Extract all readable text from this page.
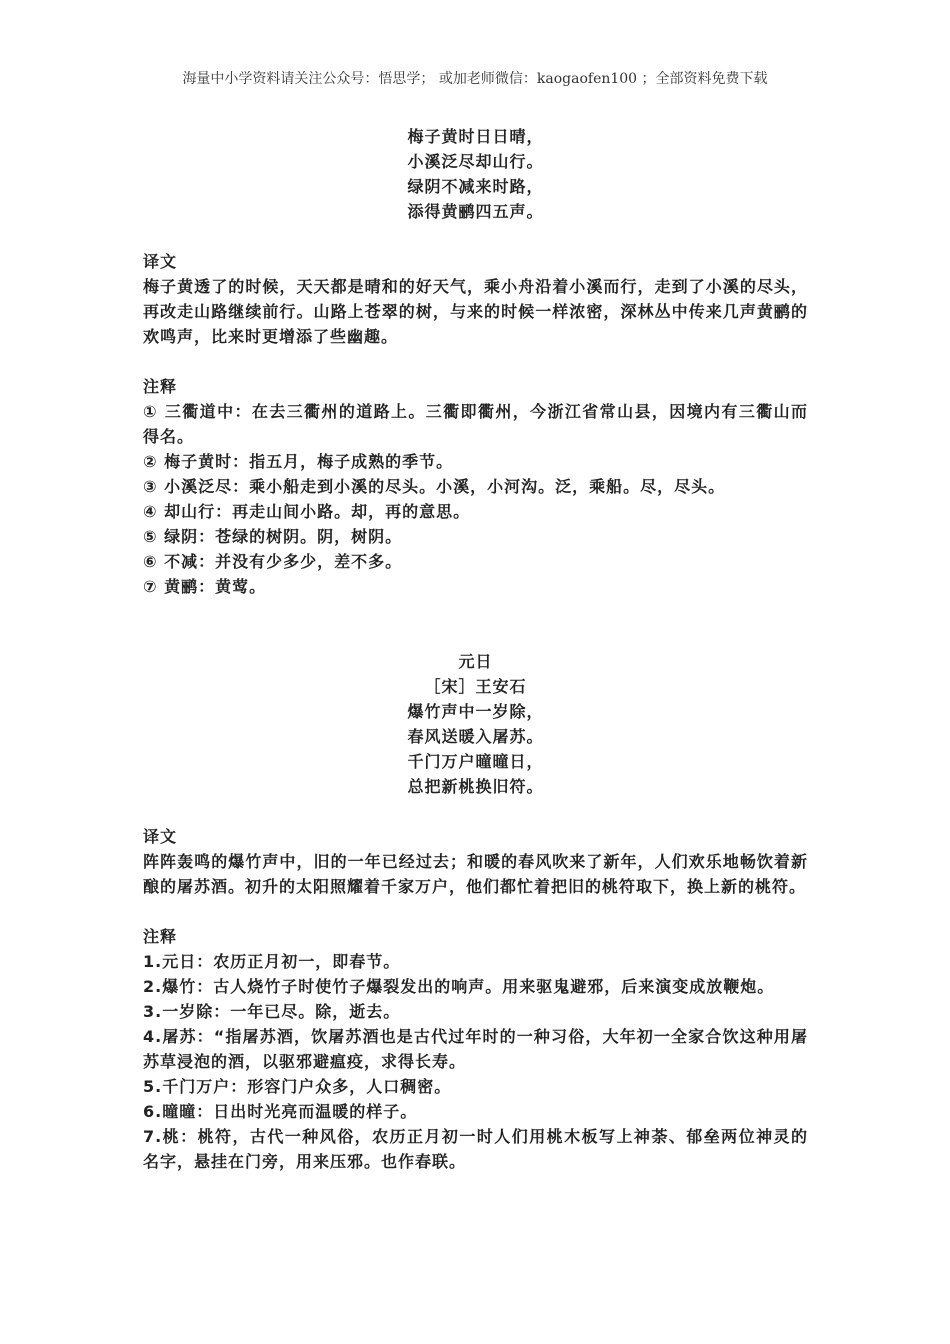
海量中小学资料请关注公众号：悟思学； 或加老师微信：kaogaofen100 ；全部资料免费下载
梅子黄时日日晴，
小溪泛尽却山行。
绿阴不减来时路，
添得黄鹂四五声。
译文
梅子黄透了的时候，天天都是晴和的好天气，乘小舟沿着小溪而行，走到了小溪的尽头，再改走山路继续前行。山路上苍翠的树，与来的时候一样浓密，深林丛中传来几声黄鹂的欢鸣声，比来时更增添了些幽趣。
注释
① 三衢道中：在去三衢州的道路上。三衢即衢州，今浙江省常山县，因境内有三衢山而得名。
② 梅子黄时：指五月，梅子成熟的季节。
③ 小溪泛尽：乘小船走到小溪的尽头。小溪，小河沟。泛，乘船。尽，尽头。
④ 却山行：再走山间小路。却，再的意思。
⑤ 绿阴：苍绿的树阴。阴，树阴。
⑥ 不减：并没有少多少，差不多。
⑦ 黄鹂：黄莺。
元日
［宋］王安石
爆竹声中一岁除，
春风送暖入屠苏。
千门万户曈曈日，
总把新桃换旧符。
译文
阵阵轰鸣的爆竹声中，旧的一年已经过去；和暖的春风吹来了新年，人们欢乐地畅饮着新酿的屠苏酒。初升的太阳照耀着千家万户，他们都忙着把旧的桃符取下，换上新的桃符。
注释
1.元日：农历正月初一，即春节。
2.爆竹：古人烧竹子时使竹子爆裂发出的响声。用来驱鬼避邪，后来演变成放鞭炮。
3.一岁除：一年已尽。除，逝去。
4.屠苏：“指屠苏酒，饮屠苏酒也是古代过年时的一种习俗，大年初一全家合饮这种用屠苏草浸泡的酒，以驱邪避瘟疫，求得长寿。
5.千门万户：形容门户众多，人口稠密。
6.曈曈：日出时光亮而温暖的样子。
7.桃：桃符，古代一种风俗，农历正月初一时人们用桃木板写上神荼、郁垒两位神灵的名字，悬挂在门旁，用来压邪。也作春联。
